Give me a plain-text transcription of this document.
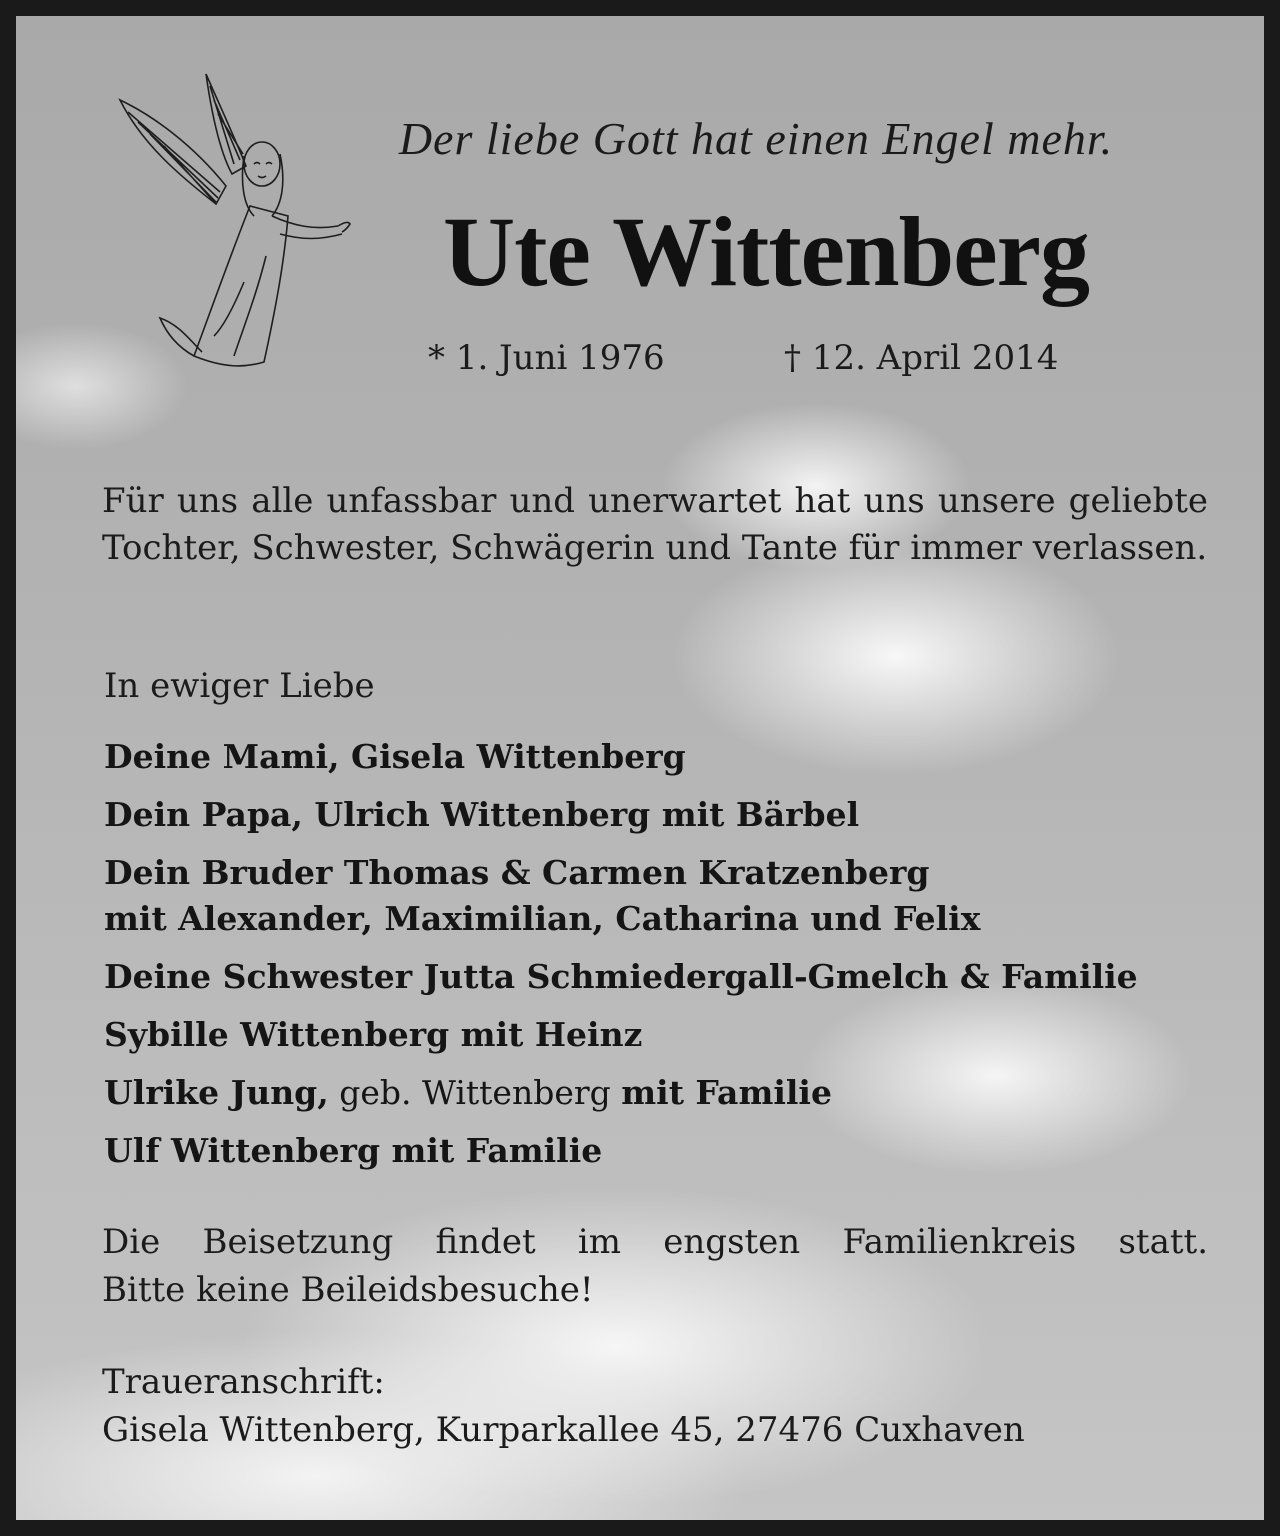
Der liebe Gott hat einen Engel mehr.
Ute Wittenberg
* 1. Juni 1976	† 12. April 2014
Für uns alle unfassbar und unerwartet hat uns unsere geliebte Tochter, Schwester, Schwägerin und Tante für immer verlassen.
In ewiger Liebe
Deine Mami, Gisela Wittenberg
Dein Papa, Ulrich Wittenberg mit Bärbel
Dein Bruder Thomas & Carmen Kratzenberg
mit Alexander, Maximilian, Catharina und Felix
Deine Schwester Jutta Schmiedergall-Gmelch & Familie
Sybille Wittenberg mit Heinz
Ulrike Jung, geb. Wittenberg mit Familie
Ulf Wittenberg mit Familie
Die Beisetzung findet im engsten Familienkreis statt.
Bitte keine Beileidsbesuche!
Traueranschrift:
Gisela Wittenberg, Kurparkallee 45, 27476 Cuxhaven
